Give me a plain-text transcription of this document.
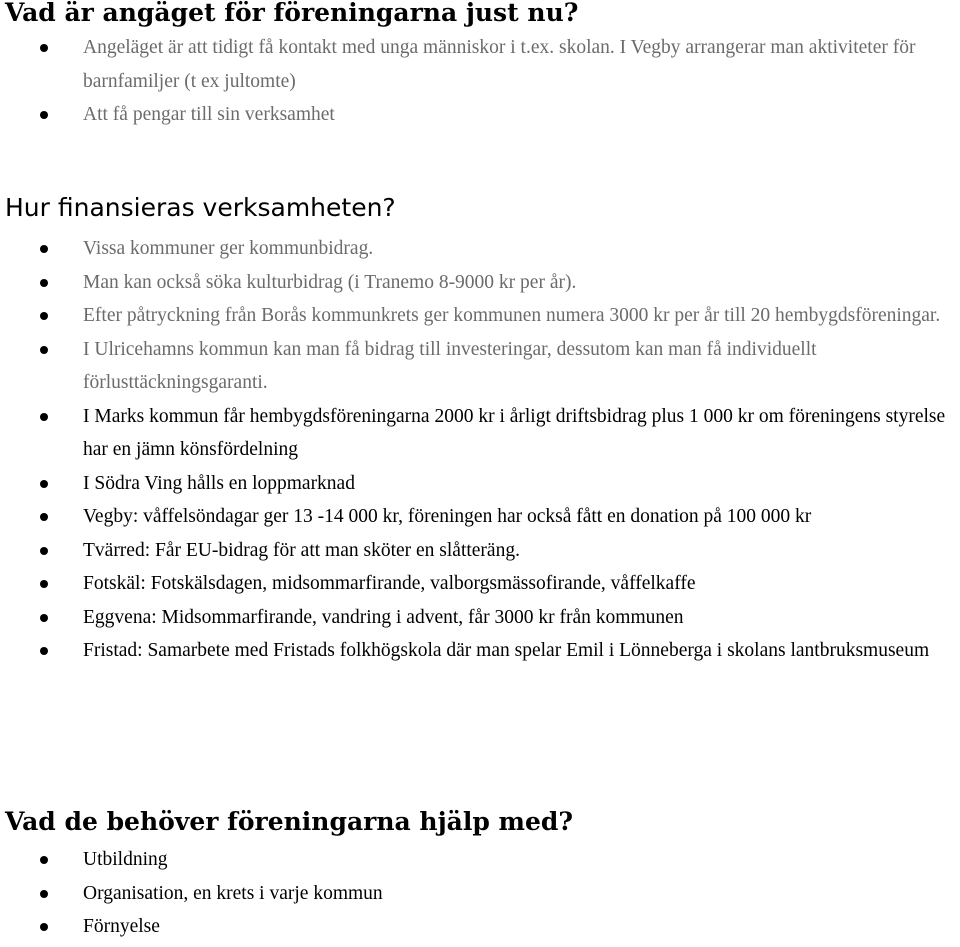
Vad är angäget för föreningarna just nu?
Angeläget är att tidigt få kontakt med unga människor i t.ex. skolan. I Vegby arrangerar man aktiviteter för barnfamiljer (t ex jultomte)
Att få pengar till sin verksamhet
Hur finansieras verksamheten?
Vissa kommuner ger kommunbidrag.
Man kan också söka kulturbidrag (i Tranemo 8-9000 kr per år).
Efter påtryckning från Borås kommunkrets ger kommunen numera 3000 kr per år till 20 hembygdsföreningar.
I Ulricehamns kommun kan man få bidrag till investeringar, dessutom kan man få individuellt förlusttäckningsgaranti.
I Marks kommun får hembygdsföreningarna 2000 kr i årligt driftsbidrag plus 1 000 kr om föreningens styrelse har en jämn könsfördelning
I Södra Ving hålls en loppmarknad
Vegby: våffelsöndagar ger 13 -14 000 kr, föreningen har också fått en donation på 100 000 kr
Tvärred: Får EU-bidrag för att man sköter en slåtteräng.
Fotskäl: Fotskälsdagen, midsommarfirande, valborgsmässofirande, våffelkaffe
Eggvena: Midsommarfirande, vandring i advent, får 3000 kr från kommunen
Fristad: Samarbete med Fristads folkhögskola där man spelar Emil i Lönneberga i skolans lantbruksmuseum
Vad de behöver föreningarna hjälp med?
Utbildning
Organisation, en krets i varje kommun
Förnyelse
